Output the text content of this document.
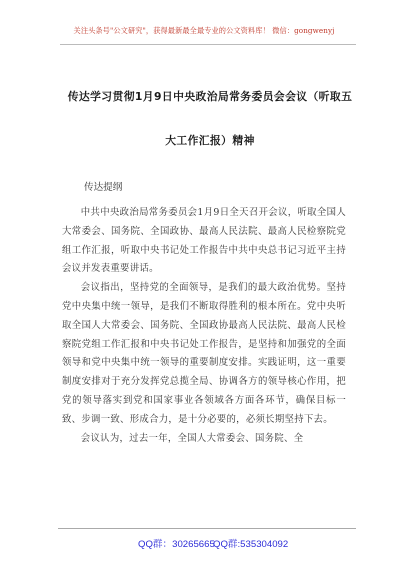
关注头条号"公文研究"，获得最新最全最专业的公文资料库！ 微信：gongwenyj
传达学习贯彻1月9日中央政治局常务委员会会议（听取五
大工作汇报）精神
传达提纲

中共中央政治局常务委员会1月9日全天召开会议，听取全国人大常委会、国务院、全国政协、最高人民法院、最高人民检察院党组工作汇报，听取中央书记处工作报告中共中央总书记习近平主持会议并发表重要讲话。

会议指出，坚持党的全面领导，是我们的最大政治优势。坚持党中央集中统一领导，是我们不断取得胜利的根本所在。党中央听取全国人大常委会、国务院、全国政协最高人民法院、最高人民检察院党组工作汇报和中央书记处工作报告，是坚持和加强党的全面领导和党中央集中统一领导的重要制度安排。实践证明，这一重要制度安排对于充分发挥党总揽全局、协调各方的领导核心作用，把党的领导落实到党和国家事业各领域各方面各环节，确保目标一致、步调一致、形成合力，是十分必要的，必须长期坚持下去。

会议认为，过去一年，全国人大常委会、国务院、全

QQ群：30265665
QQ群:535304092
